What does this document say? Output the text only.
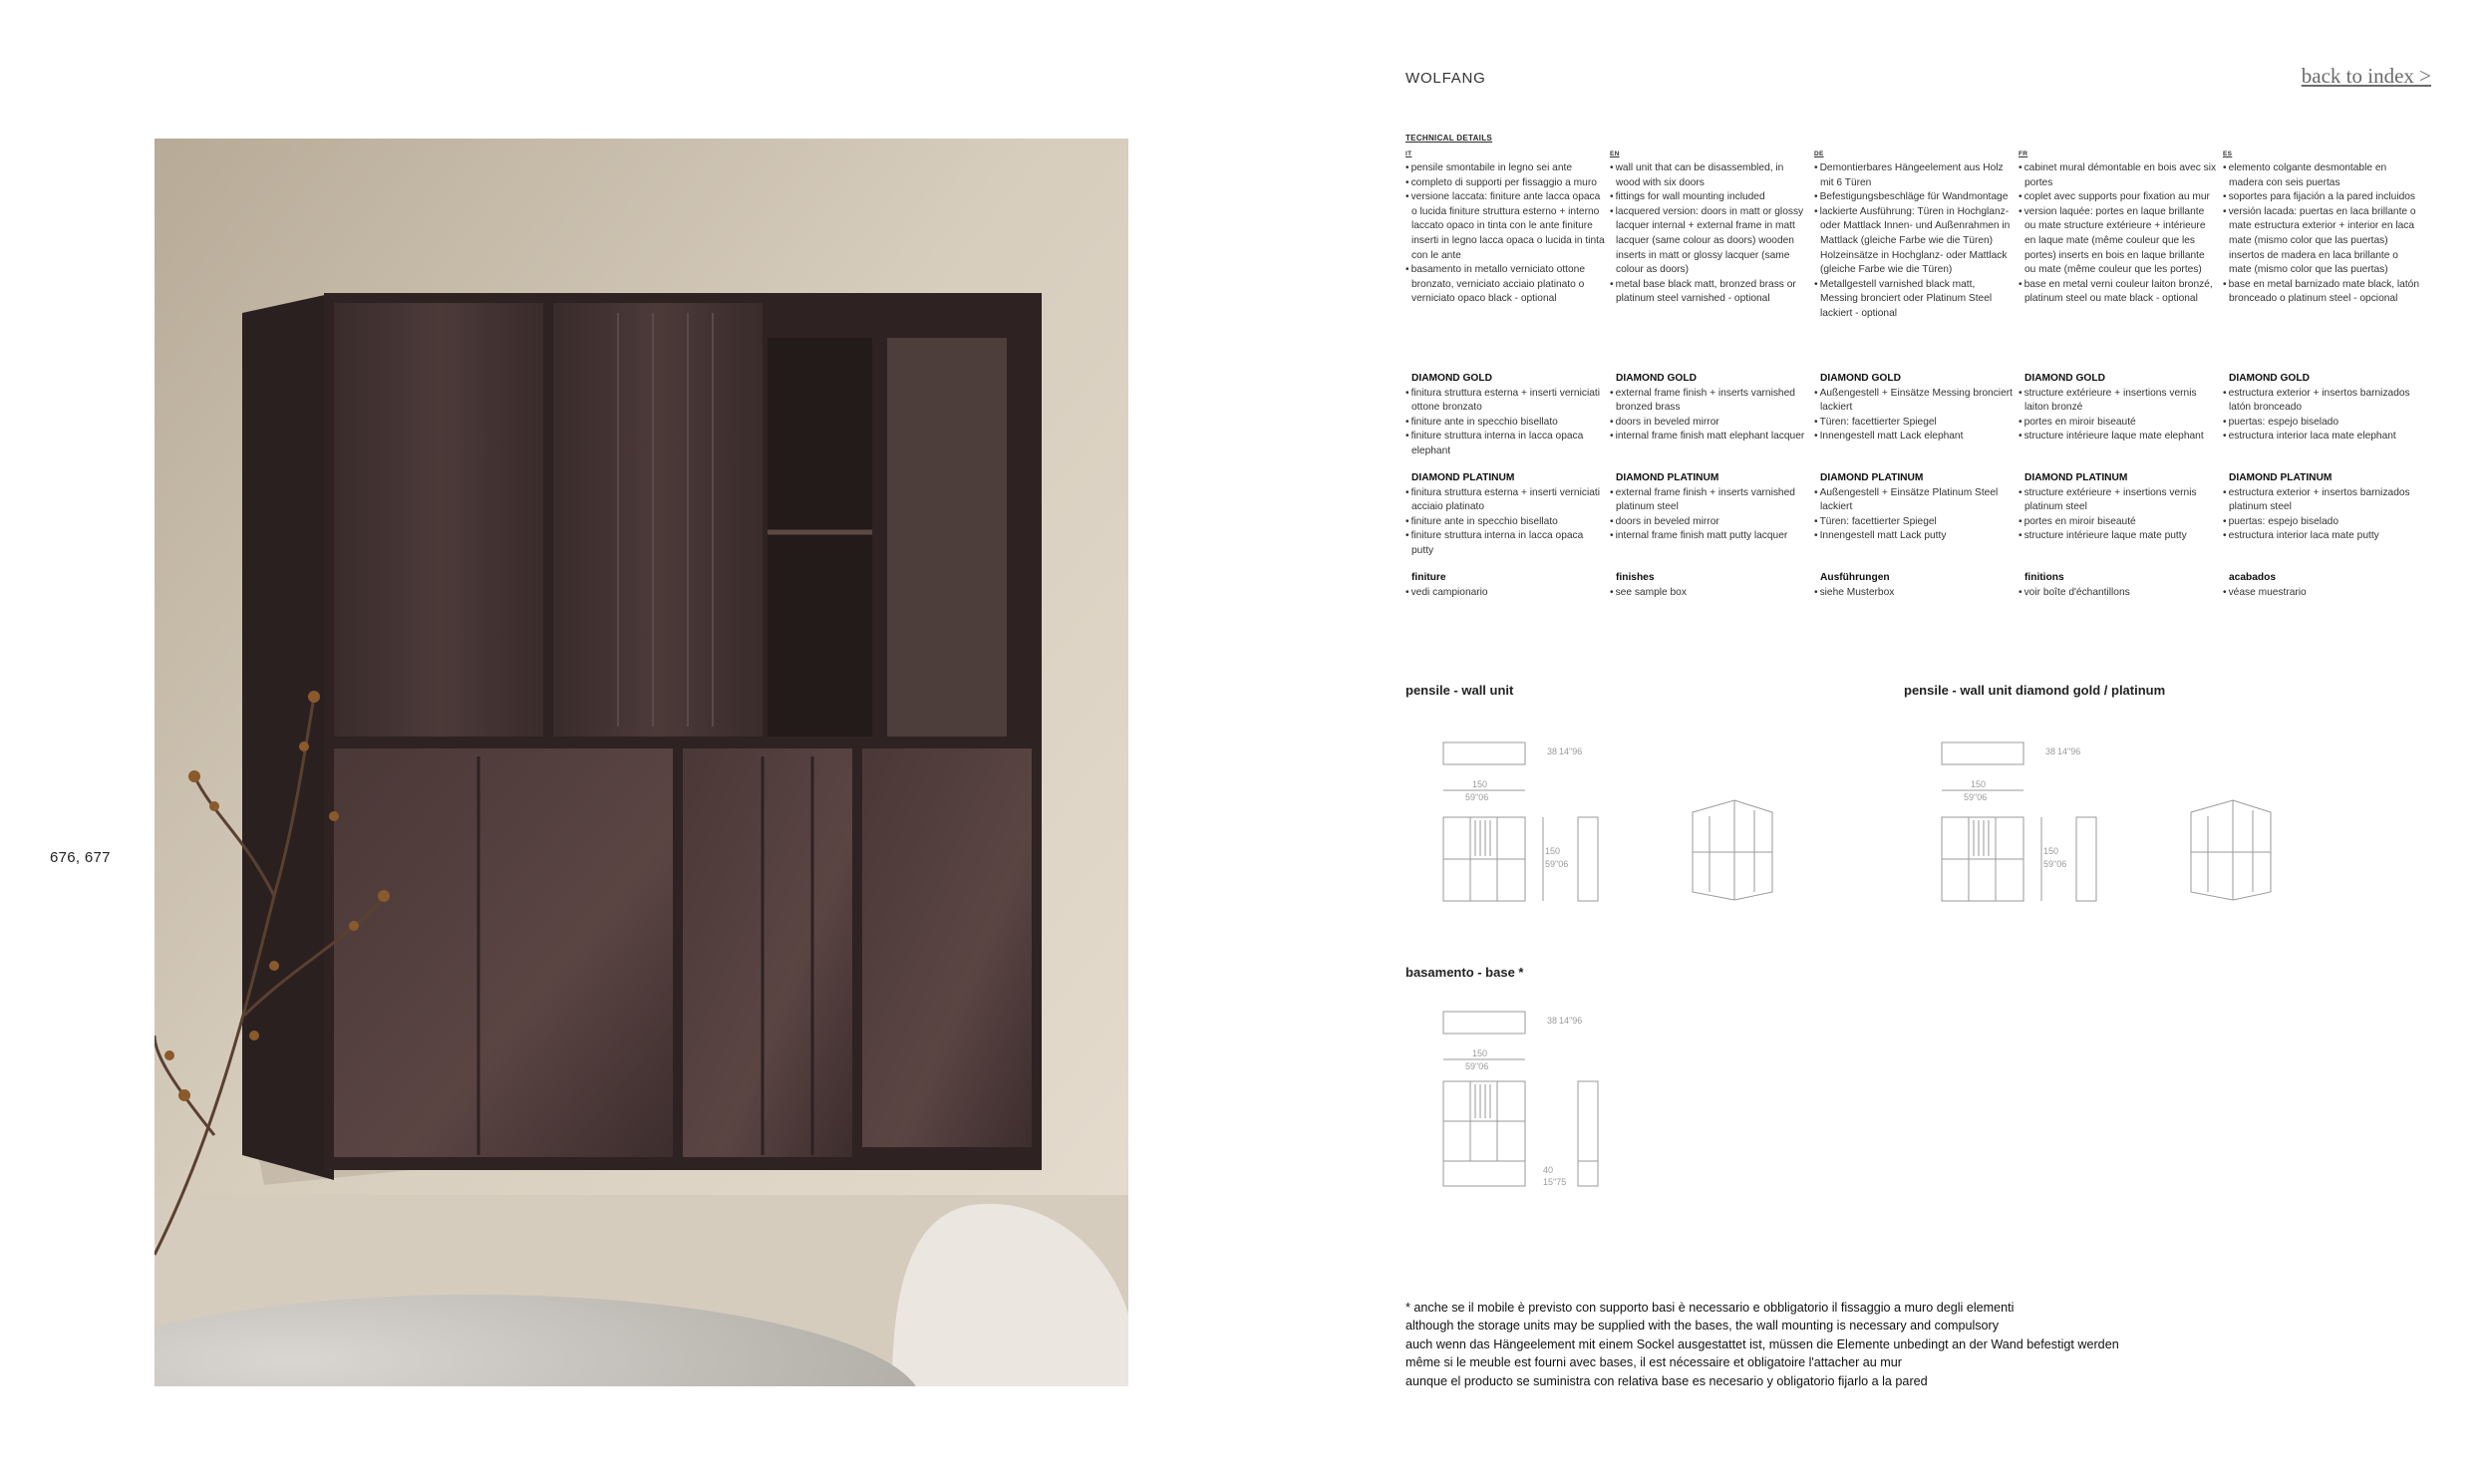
676, 677
WOLFANG	back to index >
TECHNICAL DETAILS
IT
• pensile smontabile in legno sei ante
• completo di supporti per fissaggio a muro
• versione laccata: finiture ante lacca opaca o lucida finiture struttura esterno + interno laccato opaco in tinta con le ante finiture inserti in legno lacca opaca o lucida in tinta con le ante
• basamento in metallo verniciato ottone bronzato, verniciato acciaio platinato o verniciato opaco black - optional
DIAMOND GOLD
• finitura struttura esterna + inserti verniciati ottone bronzato
• finiture ante in specchio bisellato
• finiture struttura interna in lacca opaca elephant
DIAMOND PLATINUM
• finitura struttura esterna + inserti verniciati acciaio platinato
• finiture ante in specchio bisellato
• finiture struttura interna in lacca opaca putty
finiture
• vedi campionario
EN
• wall unit that can be disassembled, in wood with six doors
• fittings for wall mounting included
• lacquered version: doors in matt or glossy lacquer internal + external frame in matt lacquer (same colour as doors) wooden inserts in matt or glossy lacquer (same colour as doors)
• metal base black matt, bronzed brass or platinum steel varnished - optional
DIAMOND GOLD
• external frame finish + inserts varnished bronzed brass
• doors in beveled mirror
• internal frame finish matt elephant lacquer
DIAMOND PLATINUM
• external frame finish + inserts varnished platinum steel
• doors in beveled mirror
• internal frame finish matt putty lacquer
finishes
• see sample box
DE
• Demontierbares Hängeelement aus Holz mit 6 Türen
• Befestigungsbeschläge für Wandmontage
• lackierte Ausführung: Türen in Hochglanz- oder Mattlack Innen- und Außenrahmen in Mattlack (gleiche Farbe wie die Türen) Holzeinsätze in Hochglanz- oder Mattlack (gleiche Farbe wie die Türen)
• Metallgestell varnished black matt, Messing bronciert oder Platinum Steel lackiert - optional
DIAMOND GOLD
• Außengestell + Einsätze Messing bronciert lackiert
• Türen: facettierter Spiegel
• Innengestell matt Lack elephant
DIAMOND PLATINUM
• Außengestell + Einsätze Platinum Steel lackiert
• Türen: facettierter Spiegel
• Innengestell matt Lack putty
Ausführungen
• siehe Musterbox
FR
• cabinet mural démontable en bois avec six portes
• coplet avec supports pour fixation au mur
• version laquée: portes en laque brillante ou mate structure extérieure + intérieure en laque mate (même couleur que les portes) inserts en bois en laque brillante ou mate (même couleur que les portes)
• base en metal verni couleur laiton bronzé, platinum steel ou mate black - optional
DIAMOND GOLD
• structure extérieure + insertions vernis laiton bronzé
• portes en miroir biseauté
• structure intérieure laque mate elephant
DIAMOND PLATINUM
• structure extérieure + insertions vernis platinum steel
• portes en miroir biseauté
• structure intérieure laque mate putty
finitions
• voir boîte d'échantillons
ES
• elemento colgante desmontable en madera con seis puertas
• soportes para fijación a la pared incluidos
• versión lacada: puertas en laca brillante o mate estructura exterior + interior en laca mate (mismo color que las puertas) insertos de madera en laca brillante o mate (mismo color que las puertas)
• base en metal barnizado mate black, latón bronceado o platinum steel - opcional
DIAMOND GOLD
• estructura exterior + insertos barnizados latón bronceado
• puertas: espejo biselado
• estructura interior laca mate elephant
DIAMOND PLATINUM
• estructura exterior + insertos barnizados platinum steel
• puertas: espejo biselado
• estructura interior laca mate putty
acabados
• véase muestrario
pensile - wall unit	pensile - wall unit diamond gold / platinum
basamento - base *
38 14"96
150
59"06
150
59"06
38 14"96
150
59"06
150
59"06
38 14"96
150
59"06
40
15"75
* anche se il mobile è previsto con supporto basi è necessario e obbligatorio il fissaggio a muro degli elementi
although the storage units may be supplied with the bases, the wall mounting is necessary and compulsory
auch wenn das Hängeelement mit einem Sockel ausgestattet ist, müssen die Elemente unbedingt an der Wand befestigt werden
même si le meuble est fourni avec bases, il est nécessaire et obligatoire l'attacher au mur
aunque el producto se suministra con relativa base es necesario y obligatorio fijarlo a la pared
